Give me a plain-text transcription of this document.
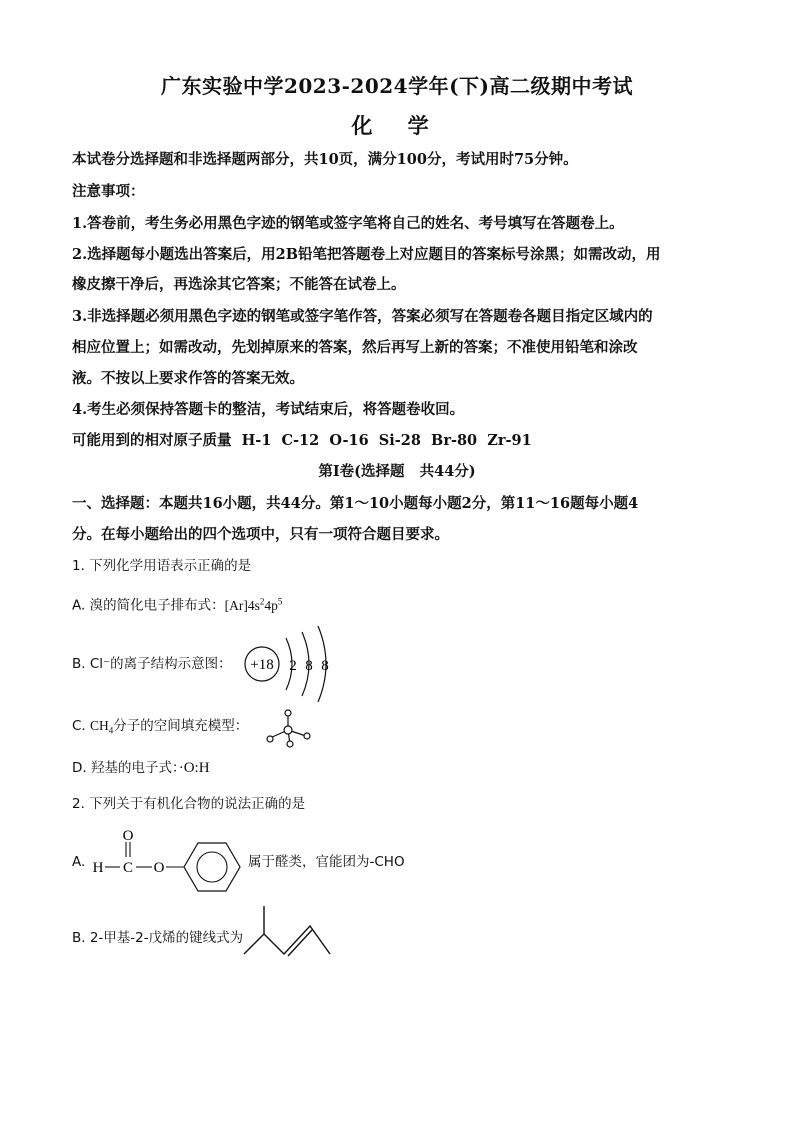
广东实验中学2023-2024学年(下)高二级期中考试
化 学
本试卷分选择题和非选择题两部分，共10页，满分100分，考试用时75分钟。
注意事项：
1.答卷前，考生务必用黑色字迹的钢笔或签字笔将自己的姓名、考号填写在答题卷上。
2.选择题每小题选出答案后，用2B铅笔把答题卷上对应题目的答案标号涂黑；如需改动，用
橡皮擦干净后，再选涂其它答案；不能答在试卷上。
3.非选择题必须用黑色字迹的钢笔或签字笔作答，答案必须写在答题卷各题目指定区域内的
相应位置上；如需改动，先划掉原来的答案，然后再写上新的答案；不准使用铅笔和涂改
液。不按以上要求作答的答案无效。
4.考生必须保持答题卡的整洁，考试结束后，将答题卷收回。
可能用到的相对原子质量  H-1  C-12  O-16  Si-28  Br-80  Zr-91
第Ⅰ卷(选择题   共44分)
一、选择题：本题共16小题，共44分。第1～10小题每小题2分，第11～16题每小题4
分。在每小题给出的四个选项中，只有一项符合题目要求。
1. 下列化学用语表示正确的是
A. 溴的简化电子排布式：$[Ar]4s^24p^5$
B. Cl⁻的离子结构示意图：	+18 2 8 8
C. $CH_4$分子的空间填充模型：
D. 羟基的电子式：·O:H
2. 下列关于有机化合物的说法正确的是
A. H C
O
O	属于醛类，官能团为-CHO
B. 2-甲基-2-戊烯的键线式为
